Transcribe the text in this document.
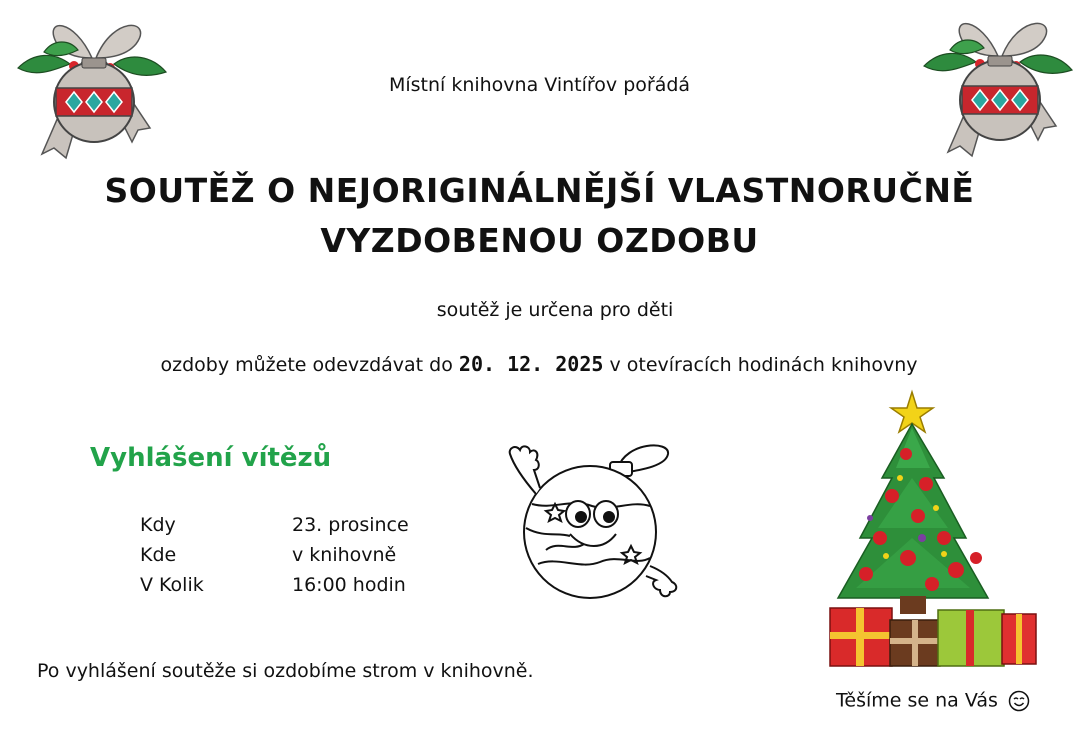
Místní knihovna Vintířov pořádá
SOUTĚŽ O NEJORIGINÁLNĚJŠÍ VLASTNORUČNĚ
VYZDOBENOU OZDOBU
soutěž je určena pro děti
ozdoby můžete odevzdávat do 20. 12. 2025 v otevíracích hodinách knihovny
Vyhlášení vítězů
Kdy	23. prosince
Kde	v knihovně
V Kolik	16:00 hodin
Po vyhlášení soutěže si ozdobíme strom v knihovně.
Těšíme se na Vás
